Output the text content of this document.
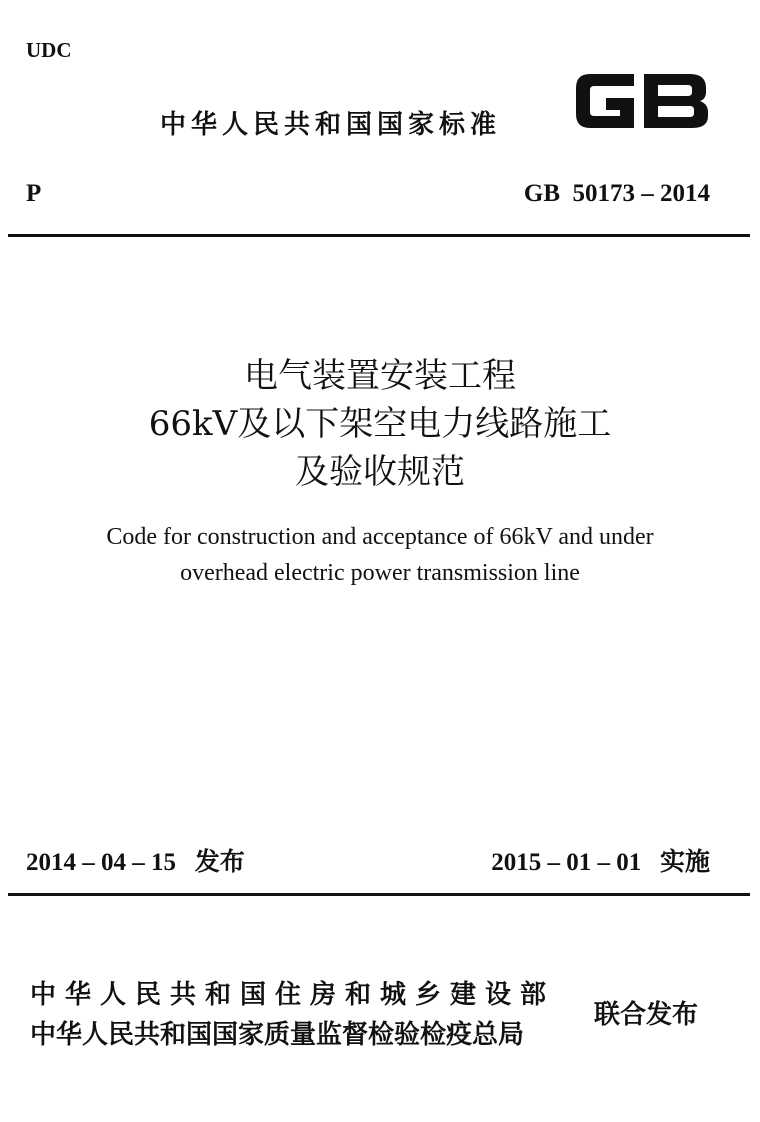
UDC
中华人民共和国国家标准
P	GB  50173 – 2014
电气装置安装工程
66kV及以下架空电力线路施工
及验收规范
Code for construction and acceptance of 66kV and under
overhead electric power transmission line
2014 – 04 – 15   发布	2015 – 01 – 01   实施
中华人民共和国住房和城乡建设部
中华人民共和国国家质量监督检验检疫总局
联合发布
